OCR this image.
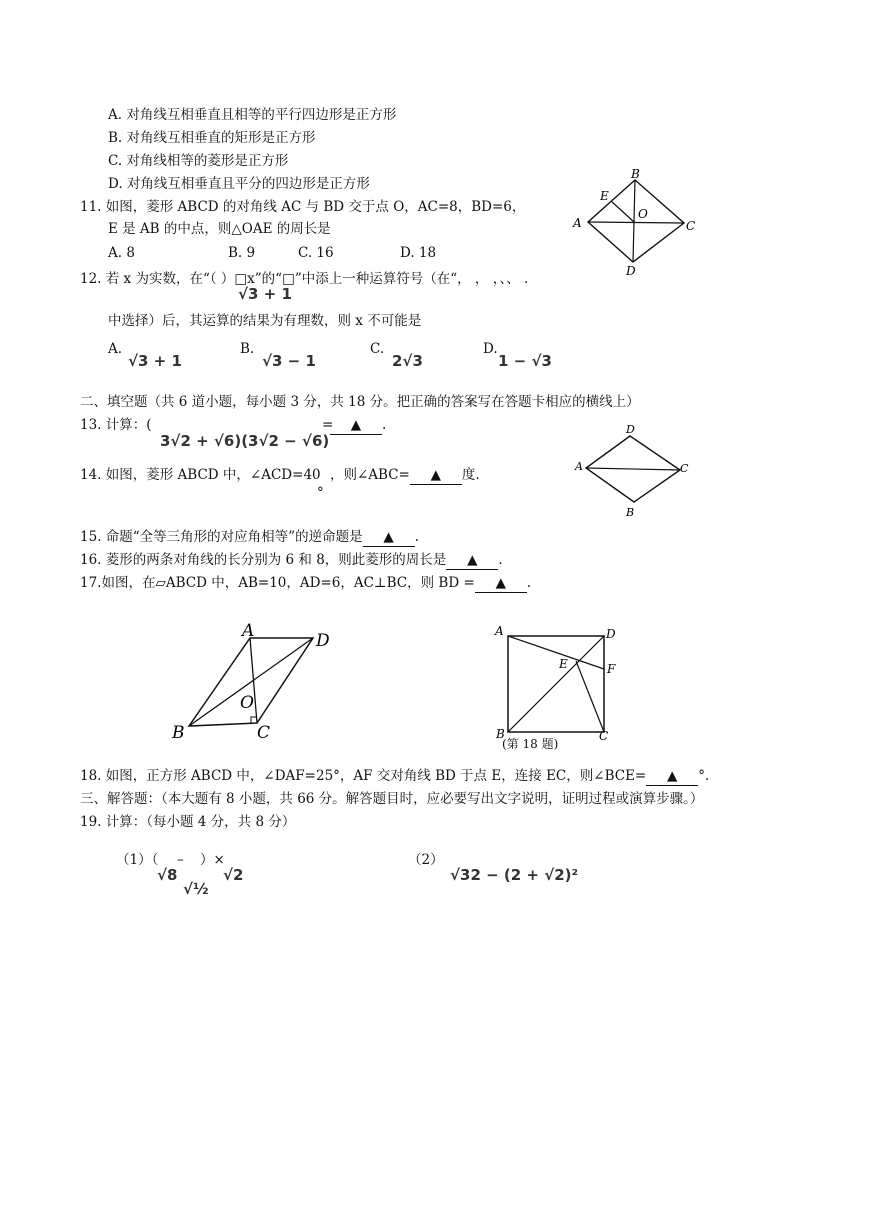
A. 对角线互相垂直且相等的平行四边形是正方形
B. 对角线互相垂直的矩形是正方形
C. 对角线相等的菱形是正方形
D. 对角线互相垂直且平分的四边形是正方形
11. 如图，菱形 ABCD 的对角线 AC 与 BD 交于点 O，AC=8，BD=6，
E 是 AB 的中点，则△OAE 的周长是
A. 8	B. 9	C. 16	D. 18
B
E
O
A	C
D
12. 若 x 为实数，在“（ ）□x”的“□”中添上一种运算符号（在“， ， ，、、 .
√3 + 1
中选择）后，其运算的结果为有理数，则 x 不可能是
A.
√3 + 1
B.
√3 − 1
C.
2√3
D.
1 − √3
二、填空题（共 6 道小题，每小题 3 分，共 18 分。把正确的答案写在答题卡相应的横线上）
13. 计算：(
3√2 + √6)(3√2 − √6)
=	▲ .
14. 如图，菱形 ABCD 中，∠ACD=40
°
，则∠ABC= ▲ 度.
D
A	C
B
15. 命题“全等三角形的对应角相等”的逆命题是 ▲ .
16. 菱形的两条对角线的长分别为 6 和 8，则此菱形的周长是 ▲ .
17.如图，在▱ABCD 中，AB=10，AD=6，AC⊥BC，则 BD = ▲ .
A	D
O
B	C
A	D
E	F
B	C
(第 18 题)
18. 如图，正方形 ABCD 中，∠DAF=25°，AF 交对角线 BD 于点 E，连接 EC，则∠BCE= ▲ °．
三、解答题：（本大题有 8 小题，共 66 分。解答题目时，应必要写出文字说明，证明过程或演算步骤。）
19. 计算：（每小题 4 分，共 8 分）
（1）（ – ）×
√8
√½
√2
（2）
√32 − (2 + √2)²
